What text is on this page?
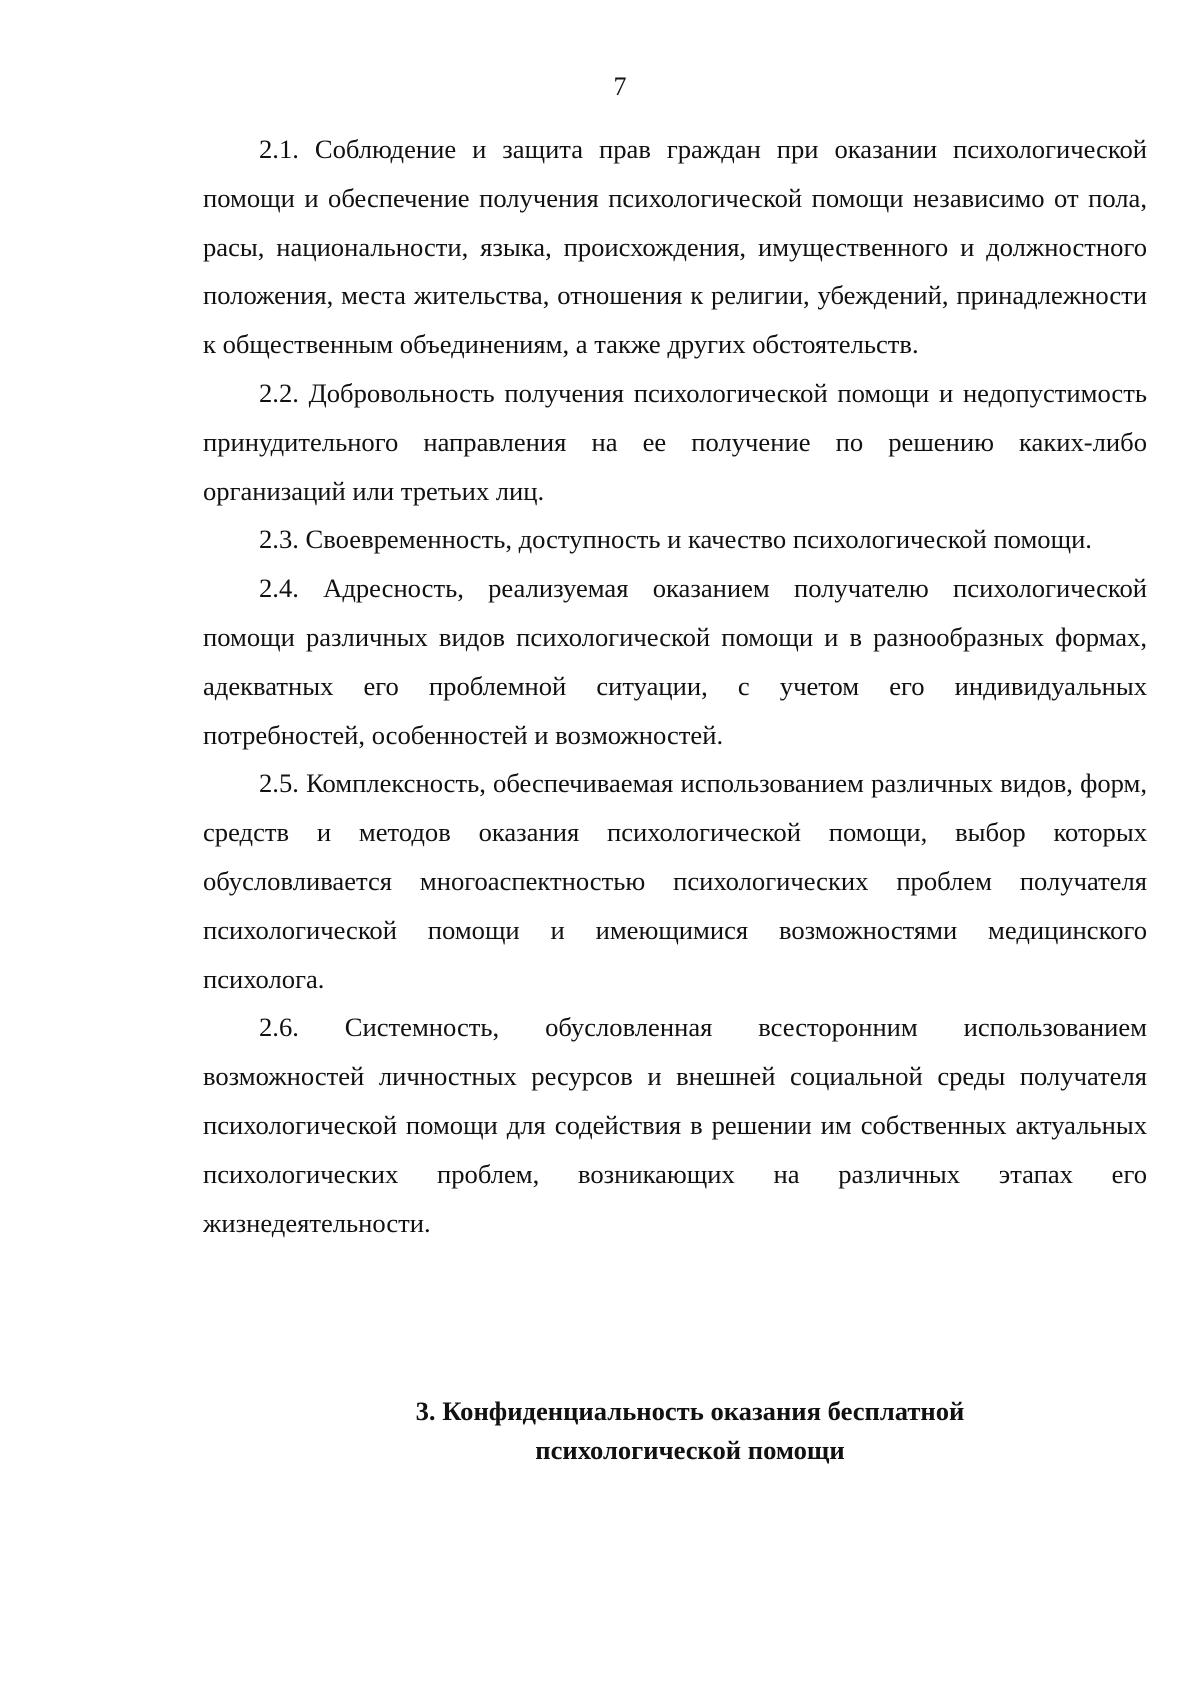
7

2.1. Соблюдение и защита прав граждан при оказании психологической помощи и обеспечение получения психологической помощи независимо от пола, расы, национальности, языка, происхождения, имущественного и должностного положения, места жительства, отношения к религии, убеждений, принадлежности к общественным объединениям, а также других обстоятельств.

2.2. Добровольность получения психологической помощи и недопустимость принудительного направления на ее получение по решению каких-либо организаций или третьих лиц.

2.3. Своевременность, доступность и качество психологической помощи.

2.4. Адресность, реализуемая оказанием получателю психологической помощи различных видов психологической помощи и в разнообразных формах, адекватных его проблемной ситуации, с учетом его индивидуальных потребностей, особенностей и возможностей.

2.5. Комплексность, обеспечиваемая использованием различных видов, форм, средств и методов оказания психологической помощи, выбор которых обусловливается многоаспектностью психологических проблем получателя психологической помощи и имеющимися возможностями медицинского психолога.

2.6. Системность, обусловленная всесторонним использованием возможностей личностных ресурсов и внешней социальной среды получателя психологической помощи для содействия в решении им собственных актуальных психологических проблем, возникающих на различных этапах его жизнедеятельности.

3. Конфиденциальность оказания бесплатной
психологической помощи
